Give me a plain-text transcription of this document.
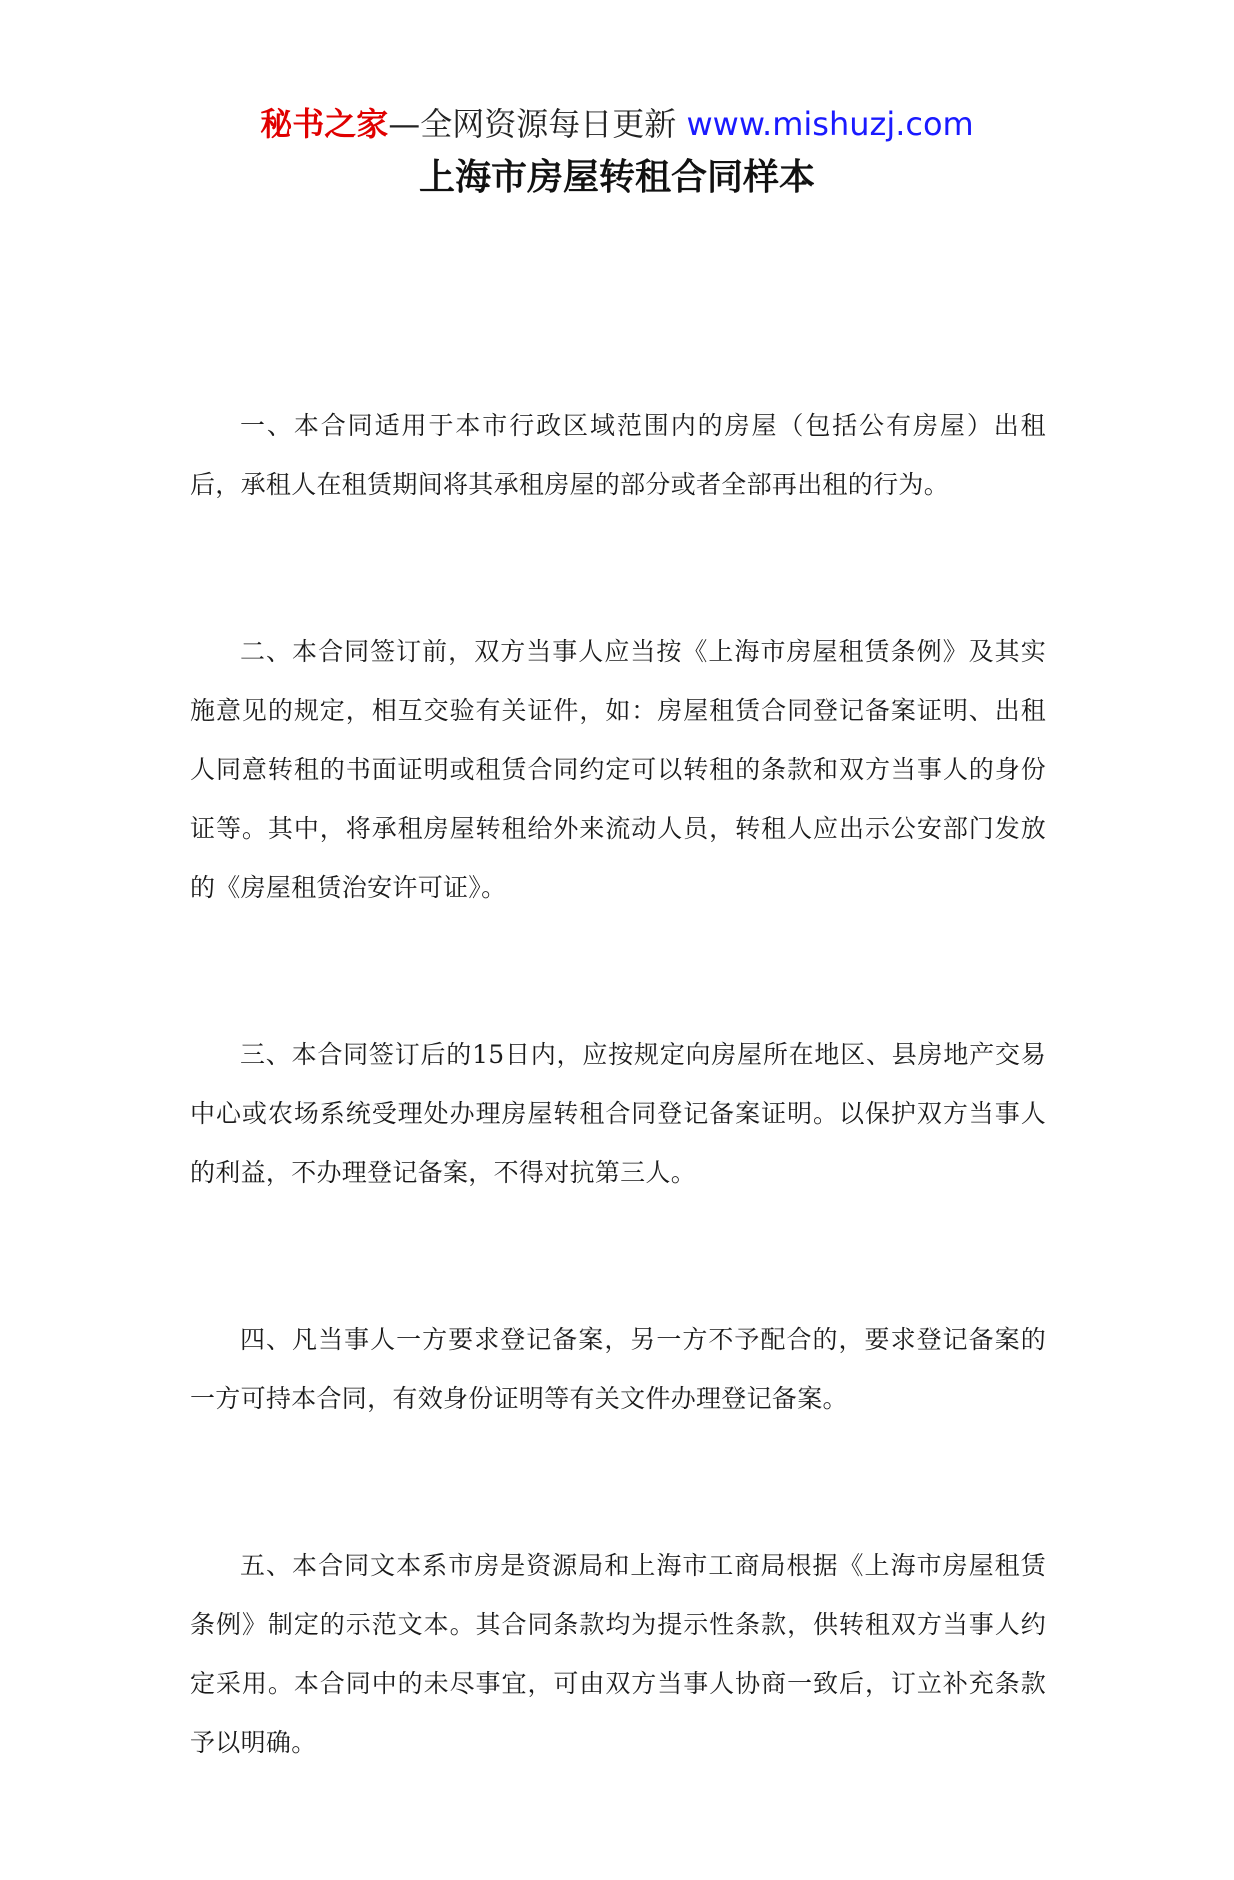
秘书之家—全网资源每日更新 www.mishuzj.com
上海市房屋转租合同样本

一、本合同适用于本市行政区域范围内的房屋（包括公有房屋）出租后，承租人在租赁期间将其承租房屋的部分或者全部再出租的行为。

二、本合同签订前，双方当事人应当按《上海市房屋租赁条例》及其实施意见的规定，相互交验有关证件，如：房屋租赁合同登记备案证明、出租人同意转租的书面证明或租赁合同约定可以转租的条款和双方当事人的身份证等。其中，将承租房屋转租给外来流动人员，转租人应出示公安部门发放的《房屋租赁治安许可证》。

三、本合同签订后的15日内，应按规定向房屋所在地区、县房地产交易中心或农场系统受理处办理房屋转租合同登记备案证明。以保护双方当事人的利益，不办理登记备案，不得对抗第三人。

四、凡当事人一方要求登记备案，另一方不予配合的，要求登记备案的一方可持本合同，有效身份证明等有关文件办理登记备案。

五、本合同文本系市房是资源局和上海市工商局根据《上海市房屋租赁条例》制定的示范文本。其合同条款均为提示性条款，供转租双方当事人约定采用。本合同中的未尽事宜，可由双方当事人协商一致后，订立补充条款予以明确。
